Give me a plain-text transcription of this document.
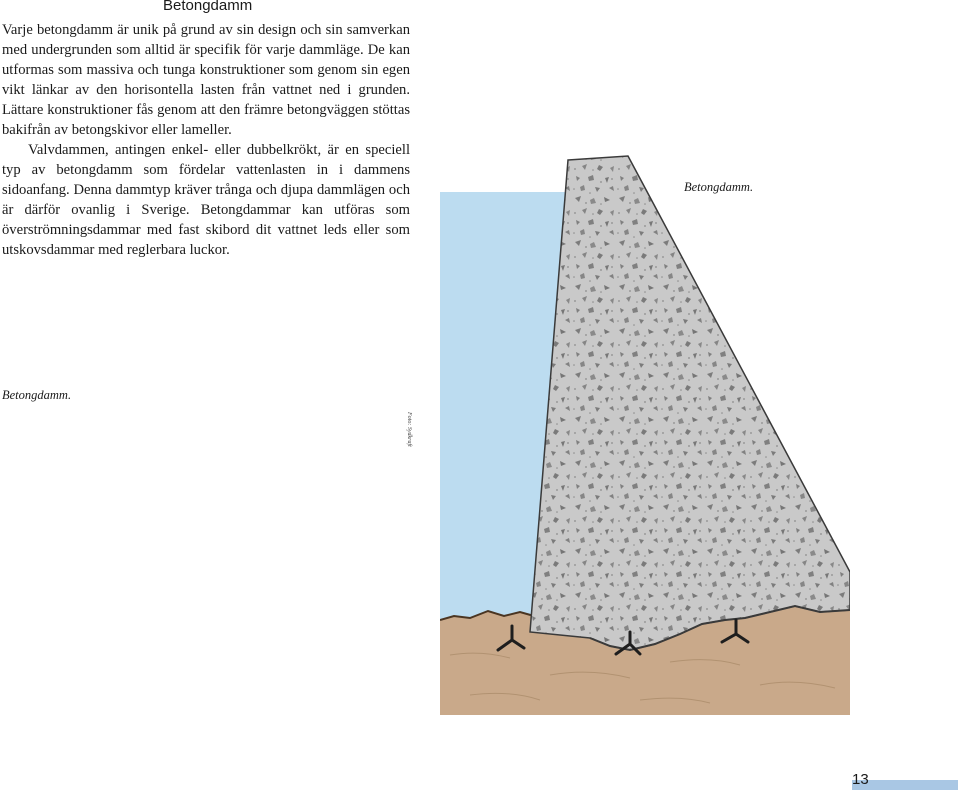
Betongdamm

Varje betongdamm är unik på grund av sin design och sin samverkan med undergrunden som alltid är specifik för varje dammläge. De kan utformas som massiva och tunga konstruktioner som genom sin egen vikt länkar av den horisontella lasten från vattnet ned i grunden. Lättare konstruktioner fås genom att den främre betongväggen stöttas bakifrån av betongskivor eller lameller.

Valvdammen, antingen enkel- eller dubbelkrökt, är en speciell typ av betongdamm som fördelar vattenlasten in i dammens sidoanfang. Denna dammtyp kräver trånga och djupa dammlägen och är därför ovanlig i Sverige. Betongdammar kan utföras som överströmningsdammar med fast skibord dit vattnet leds eller som utskovsdammar med reglerbara luckor.

Betongdamm.
Betongdamm.
Foto: Sydkraft
13
